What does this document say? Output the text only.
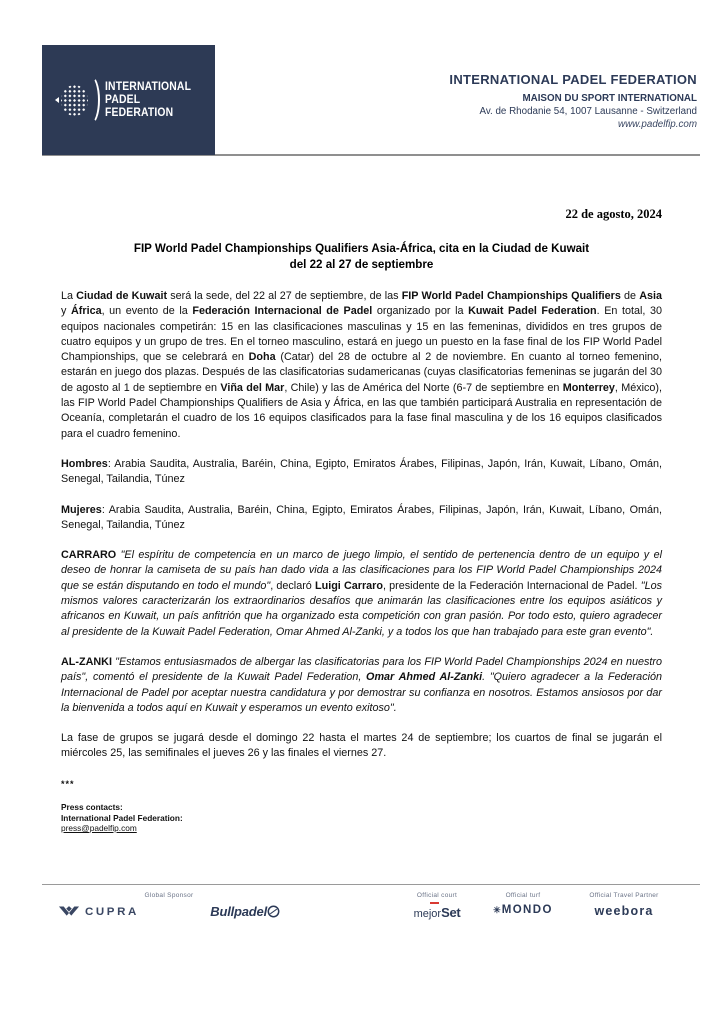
INTERNATIONAL
PADEL
FEDERATION
INTERNATIONAL PADEL FEDERATION
MAISON DU SPORT INTERNATIONAL
Av. de Rhodanie 54, 1007 Lausanne - Switzerland
www.padelfip.com
22 de agosto, 2024
FIP World Padel Championships Qualifiers Asia-África, cita en la Ciudad de Kuwait
del 22 al 27 de septiembre

La Ciudad de Kuwait será la sede, del 22 al 27 de septiembre, de las FIP World Padel Championships Qualifiers de Asia y África, un evento de la Federación Internacional de Padel organizado por la Kuwait Padel Federation. En total, 30 equipos nacionales competirán: 15 en las clasificaciones masculinas y 15 en las femeninas, divididos en tres grupos de cuatro equipos y un grupo de tres. En el torneo masculino, estará en juego un puesto en la fase final de los FIP World Padel Championships, que se celebrará en Doha (Catar) del 28 de octubre al 2 de noviembre. En cuanto al torneo femenino, estarán en juego dos plazas. Después de las clasificatorias sudamericanas (cuyas clasificatorias femeninas se jugarán del 30 de agosto al 1 de septiembre en Viña del Mar, Chile) y las de América del Norte (6-7 de septiembre en Monterrey, México), las FIP World Padel Championships Qualifiers de Asia y África, en las que también participará Australia en representación de Oceanía, completarán el cuadro de los 16 equipos clasificados para la fase final masculina y de los 16 equipos clasificados para el cuadro femenino.

Hombres: Arabia Saudita, Australia, Baréin, China, Egipto, Emiratos Árabes, Filipinas, Japón, Irán, Kuwait, Líbano, Omán, Senegal, Tailandia, Túnez

Mujeres: Arabia Saudita, Australia, Baréin, China, Egipto, Emiratos Árabes, Filipinas, Japón, Irán, Kuwait, Líbano, Omán, Senegal, Tailandia, Túnez

CARRARO "El espíritu de competencia en un marco de juego limpio, el sentido de pertenencia dentro de un equipo y el deseo de honrar la camiseta de su país han dado vida a las clasificaciones para los FIP World Padel Championships 2024 que se están disputando en todo el mundo", declaró Luigi Carraro, presidente de la Federación Internacional de Padel. "Los mismos valores caracterizarán los extraordinarios desafíos que animarán las clasificaciones entre los equipos asiáticos y africanos en Kuwait, un país anfitrión que ha organizado esta competición con gran pasión. Por todo esto, quiero agradecer al presidente de la Kuwait Padel Federation, Omar Ahmed Al-Zanki, y a todos los que han trabajado para este gran evento".

AL-ZANKI "Estamos entusiasmados de albergar las clasificatorias para los FIP World Padel Championships 2024 en nuestro país", comentó el presidente de la Kuwait Padel Federation, Omar Ahmed Al-Zanki. "Quiero agradecer a la Federación Internacional de Padel por aceptar nuestra candidatura y por demostrar su confianza en nosotros. Estamos ansiosos por dar la bienvenida a todos aquí en Kuwait y esperamos un evento exitoso".

La fase de grupos se jugará desde el domingo 22 hasta el martes 24 de septiembre; los cuartos de final se jugarán el miércoles 25, las semifinales el jueves 26 y las finales el viernes 27.

***
Press contacts:
International Padel Federation:
press@padelfip.com
Global Sponsor
CUPRA	Bullpadel
Official court
mejorSet
Official turf
✳ MONDO
Official Travel Partner
weebora
